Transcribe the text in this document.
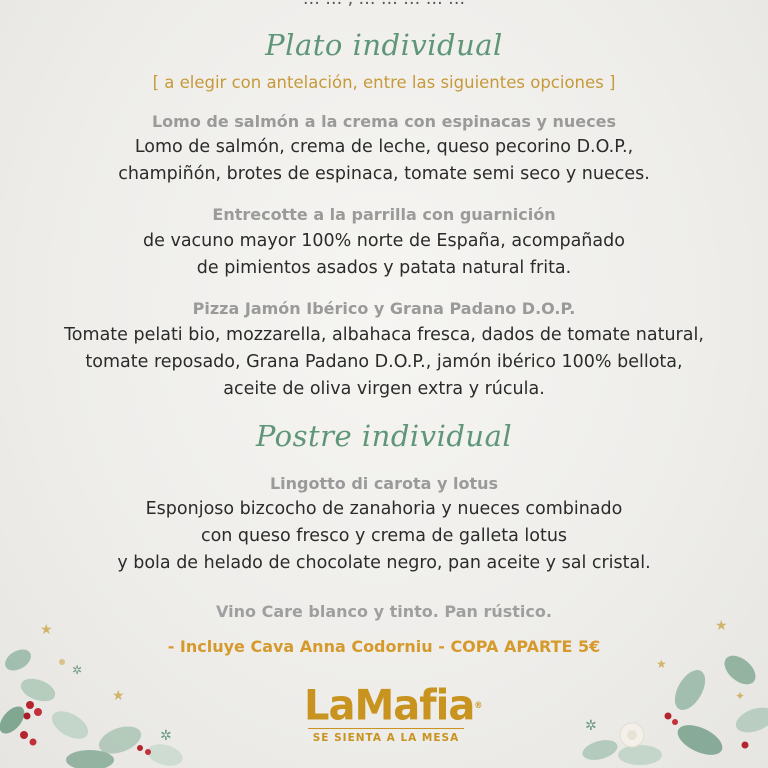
Plato individual
[ a elegir con antelación, entre las siguientes opciones ]
Lomo de salmón a la crema con espinacas y nueces
Lomo de salmón, crema de leche, queso pecorino D.O.P.,
champiñón, brotes de espinaca, tomate semi seco y nueces.
Entrecotte a la parrilla con guarnición
de vacuno mayor 100% norte de España, acompañado
de pimientos asados y patata natural frita.
Pizza Jamón Ibérico y Grana Padano D.O.P.
Tomate pelati bio, mozzarella, albahaca fresca, dados de tomate natural,
tomate reposado, Grana Padano D.O.P., jamón ibérico 100% bellota,
aceite de oliva virgen extra y rúcula.
Postre individual
Lingotto di carota y lotus
Esponjoso bizcocho de zanahoria y nueces combinado
con queso fresco y crema de galleta lotus
y bola de helado de chocolate negro, pan aceite y sal cristal.
Vino Care blanco y tinto. Pan rústico.
- Incluye Cava Anna Codorniu - COPA APARTE 5€
★
★
✲
✲
★
★
✲
✦
LaMafia®
SE SIENTA A LA MESA
